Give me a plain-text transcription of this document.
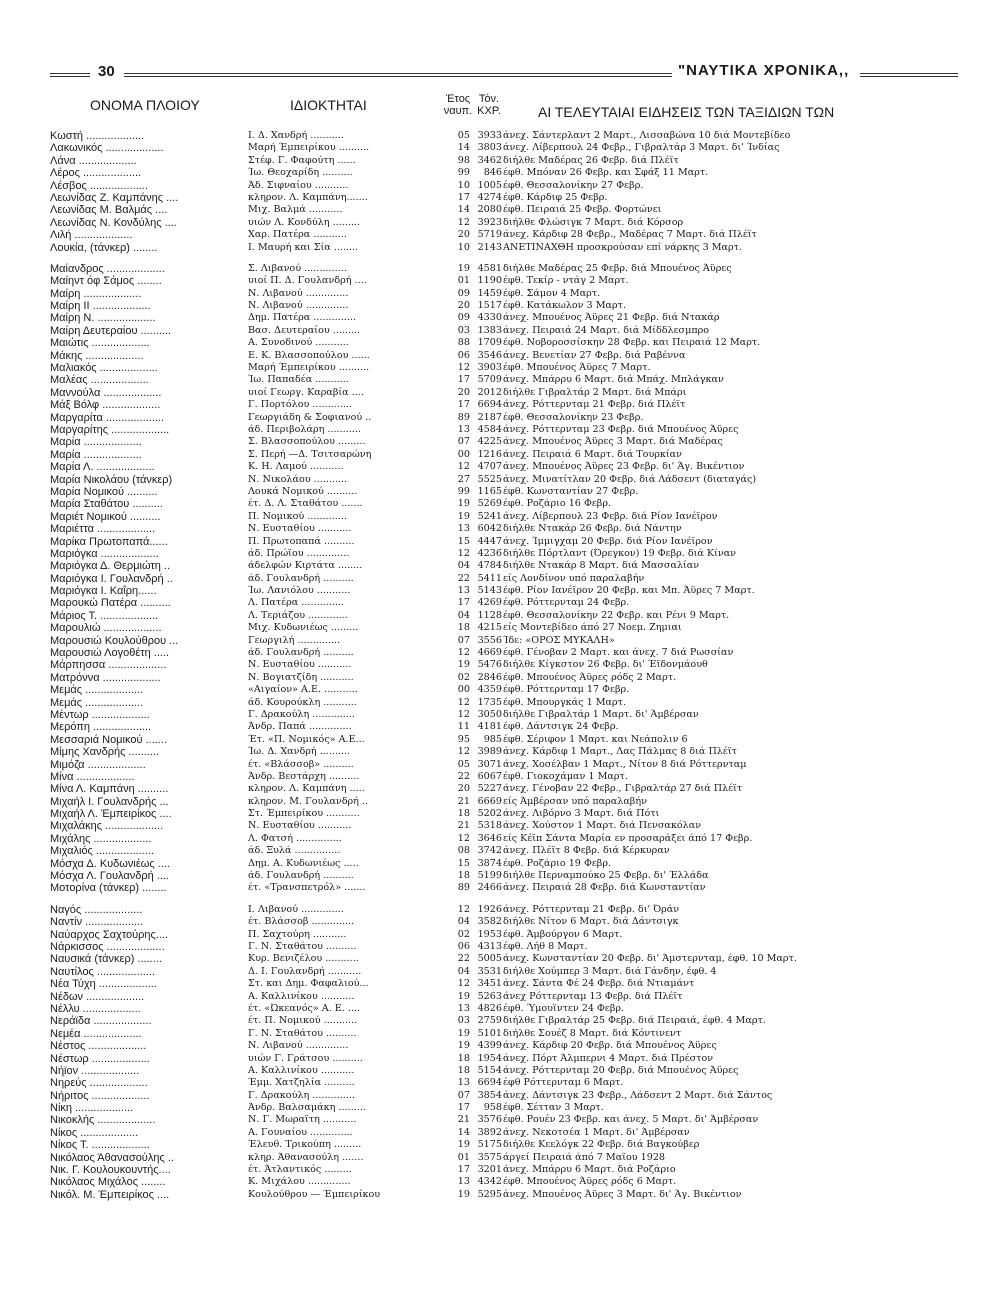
30	"ΝΑΥΤΙΚΑ ΧΡΟΝΙΚΑ,,
ΟΝΟΜΑ ΠΛΟΙΟΥ	ΙΔΙΟΚΤΗΤΑΙ	Έτος
ναυπ.
Τόν.
ΚΧΡ.	ΑΙ ΤΕΛΕΥΤΑΙΑΙ ΕΙΔΗΣΕΙΣ ΤΩΝ ΤΑΞΙΔΙΩΝ ΤΩΝ
Κωστή ...................	Ι. Δ. Χανδρή ...........	05 3933 άνεχ. Σάντερλαντ 2 Μαρτ., Λισσαβώνα 10 διά Μοντεβίδεο
Λακωνικός ...................	Μαρή Έμπειρίκου ..........	14 3803 άνεχ. Λίβερπουλ 24 Φεβρ., Γιβραλτάρ 3 Μαρτ. δι' Ίνδίας
Λάνα ...................	Στέφ. Γ. Φαφούτη ......	98 3462 διήλθε Μαδέρας 26 Φεβρ. διά Πλέϊτ
Λέρος ...................	Ίω. Θεοχαρίδη ..........	99	846 έφθ. Μπόναν 26 Φεβρ. και Σφάξ 11 Μαρτ.
Λέσβος ...................	Άδ. Σιφναίου ...........	10 1005 έφθ. Θεσσαλονίκην 27 Φεβρ.
Λεωνίδας Ζ. Καμπάνης ....	κληρον. Λ. Καμπάνη.......	17 4274 έφθ. Κάρδιφ 25 Φεβρ.
Λεωνίδας Μ. Βαλμάς ....	Μιχ. Βαλμά ...........	14 2080 έφθ. Πειραιά 25 Φεβρ. Φορτώνει
Λεωνίδας Ν. Κονδύλης ....	υιών Λ. Κονδύλη .........	12 3923 διήλθε Φλώσιγκ 7 Μαρτ. διά Κόρσορ
Λιλή ...................	Χαρ. Πατέρα ...........	20 5719 άνεχ. Κάρδιφ 28 Φεβρ., Μαδέρας 7 Μαρτ. διά Πλέϊτ
Λουκία, (τάνκερ) ........	Ι. Μαυρή και Σία ........	10 2143 ΑΝΕΤΙΝΑΧΘΗ προσκρούσαν επί νάρκης 3 Μαρτ.
Μαίανδρος ...................	Σ. Λιβανού ..............	19 4581 διήλθε Μαδέρας 25 Φεβρ. διά Μπουένος Άϋρες
Μαίηντ όφ Σάμος ........	υιοί Π. Δ. Γουλανδρή ....	01 1190 έφθ. Τεκίρ - ντάγ 2 Μαρτ.
Μαίρη ...................	Ν. Λιβανού ..............	09 1459 έφθ. Σάμον 4 Μαρτ.
Μαίρη ΙΙ ...................	Ν. Λιβανού ..............	20 1517 έφθ. Κατάκωλον 3 Μαρτ.
Μαίρη Ν. ...................	Δημ. Πατέρα ..............	09 4330 άνεχ. Μπουένος Άϋρες 21 Φεβρ. διά Ντακάρ
Μαίρη Δευτεραίου ..........	Βασ. Δευτεραίου .........	03 1383 άνεχ. Πειραιά 24 Μαρτ. διά Μίδδλεσμπρο
Μαιώτις ...................	Α. Συνοδινού ...........	88 1709 έφθ. Νοβοροσσίσκην 28 Φεβρ. και Πειραιά 12 Μαρτ.
Μάκης ...................	Ε. Κ. Βλασσοπούλου ......	06 3546 άνεχ. Βενετίαν 27 Φεβρ. διά Ραβέννα
Μαλιακός ...................	Μαρή Έμπειρίκου ..........	12 3903 έφθ. Μπουένος Άϋρες 7 Μαρτ.
Μαλέας ...................	Ίω. Παπαδέα ...........	17 5709 άνεχ. Μπάρρυ 6 Μαρτ. διά Μπάχ. Μπλάγκαν
Μαννούλα ...................	υιοί Γεωργ. Καραβία ....	20 2012 διήλθε Γιβραλτάρ 2 Μαρτ. διά Μπάρι
Μάξ Βόλφ ...................	Γ. Πορτόλου .............	17 6694 άνεχ. Ρόττερνταμ 21 Φεβρ. διά Πλέϊτ
Μαργαρίτα ...................	Γεωργιάδη & Σοφιανού ..	89 2187 έφθ. Θεσσαλονίκην 23 Φεβρ.
Μαργαρίτης ...................	άδ. Περιβολάρη ...........	13 4584 άνεχ. Ρόττερνταμ 23 Φεβρ. διά Μπουένος Άϋρες
Μαρία ...................	Σ. Βλασσοπούλου .........	07 4225 άνεχ. Μπουένος Άϋρες 3 Μαρτ. διά Μαδέρας
Μαρία ...................	Σ. Περή —Δ. Τσιτσαρώνη	00 1216 άνεχ. Πειραιά 6 Μαρτ. διά Τουρκίαν
Μαρία Λ. ...................	Κ. Η. Λαμού ...........	12 4707 άνεχ. Μπουένος Άϋρες 23 Φεβρ. δι' Άγ. Βικέντιον
Μαρία Νικολάου (τάνκερ)	Ν. Νικολάου ...........	27 5525 άνεχ. Μινατίτλαν 20 Φεβρ. διά Λάδσεντ (διαταγάς)
Μαρία Νομικού ..........	Λουκά Νομικού ..........	99 1165 έφθ. Κωνσταντίαν 27 Φεβρ.
Μαρία Σταθάτου ..........	έτ. Δ. Λ. Σταθάτου .......	19 5269 έφθ. Ροζάριο 16 Φεβρ.
Μαριέτ Νομικού ..........	Π. Νομικού .............	19 5241 άνεχ. Λίβερπουλ 23 Φεβρ. διά Ρίον Ιανέϊρον
Μαριέττα ...................	Ν. Ευσταθίου ...........	13 6042 διήλθε Ντακάρ 26 Φεβρ. διά Νάντην
Μαρίκα Πρωτοπαπά......	Π. Πρωτοπαπά ..........	15 4447 άνεχ. Ίμμιγχαμ 20 Φεβρ. διά Ρίον Ιανέϊρον
Μαριόγκα ...................	άδ. Πρώϊου ..............	12 4236 διήλθε Πόρτλαντ (Όρεγκον) 19 Φεβρ. διά Κίναν
Μαριόγκα Δ. Θερμιώτη ..	άδελφών Κιρτάτα ........	04 4784 διήλθε Ντακάρ 8 Μαρτ. διά Μασσαλίαν
Μαριόγκα Ι. Γουλανδρή ..	άδ. Γουλανδρή ..........	22 5411 είς Λονδίνον υπό παραλαβήν
Μαριόγκα Ι. Καΐρη......	Ίω. Λανιόλου ...........	13 5143 έφθ. Ρίον Ιανέϊρον 20 Φεβρ. και Μπ. Άϋρες 7 Μαρτ.
Μαρουκώ Πατέρα ..........	Λ. Πατέρα ..............	17 4269 έφθ. Ρόττερνταμ 24 Φεβρ.
Μάριος Τ. ...................	Λ. Τεριάζου .............	04 1128 έφθ. Θεσσαλονίκην 22 Φεβρ. και Ρένι 9 Μαρτ.
Μαρουλιώ ...................	Μιχ. Κυδωνιέως .........	18 4215 είς Μοντεβίδεο άπό 27 Νοεμ. Ζημιαι
Μαρουσιώ Κουλούθρου ...	Γεωργιλή ..............	07 3556 Ίδε: «ΟΡΟΣ ΜΥΚΑΛΗ»
Μαρουσιώ Λογοθέτη .....	άδ. Γουλανδρή ..........	12 4669 έφθ. Γένοβαν 2 Μαρτ. και άνεχ. 7 διά Ρωσσίαν
Μάρπησσα ...................	Ν. Ευσταθίου ...........	19 5476 διήλθε Κίγκστον 26 Φεβρ. δι' Έϊδονμάουθ
Ματρόννα ...................	Ν. Βογιατζίδη ...........	02 2846 έφθ. Μπουένος Άϋρες ρόδς 2 Μαρτ.
Μεμάς ...................	«Αιγαίον» Α.Ε. ...........	00 4359 έφθ. Ρόττερνταμ 17 Φεβρ.
Μεμάς ...................	άδ. Κουρούκλη ...........	12 1735 έφθ. Μπουργκάς 1 Μαρτ.
Μέντωρ ...................	Γ. Δρακούλη ..............	12 3050 διήλθε Γιβραλτάρ 1 Μαρτ. δι' Άμβέρσαν
Μερόπη ...................	Άνδρ. Παπά ..............	11 4181 έφθ. Δάντσιγκ 24 Φεβρ.
Μεσσαριά Νομικού .......	Έτ. «Π. Νομικός» Α.Ε...	95	985 έφθ. Σέριφον 1 Μαρτ. και Νεάπολιν 6
Μίμης Χανδρής ..........	Ίω. Δ. Χανδρή ..........	12 3989 άνεχ. Κάρδιφ 1 Μαρτ., Λας Πάλμας 8 διά Πλέϊτ
Μιμόζα ...................	έτ. «Βλάσσοβ» ..........	05 3071 άνεχ. Χοσέλβαν 1 Μαρτ., Νίτον 8 διά Ρόττερνταμ
Μίνα ...................	Άνδρ. Βεστάρχη ..........	22 6067 έφθ. Γιοκοχάμαν 1 Μαρτ.
Μίνα Λ. Καμπάνη ..........	κληρον. Λ. Καμπάνη .....	20 5227 άνεχ. Γένοβαν 22 Φεβρ., Γιβραλτάρ 27 διά Πλέϊτ
Μιχαήλ Ι. Γουλανδρής ...	κληρον. Μ. Γουλανδρή ..	21 6669 είς Άμβέρσαν υπό παραλαβήν
Μιχαήλ Λ. Έμπειρίκος ....	Στ. Έμπειρίκου ...........	18 5202 άνεχ. Λιβόρνο 3 Μαρτ. διά Πότι
Μιχαλάκης ...................	Ν. Ευσταθίου ...........	21 5318 άνεχ. Χούστον 1 Μαρτ. διά Πενσακόλαν
Μιχάλης ...................	Λ. Φατσή ...............	12 3646 είς Κέϊπ Σάντα Μαρία εν προσαράξει άπό 17 Φεβρ.
Μιχαλιός ...................	άδ. Ξυλά ...............	08 3742 άνεχ. Πλέϊτ 8 Φεβρ. διά Κέρκυραν
Μόσχα Δ. Κυδωνιέως ....	Δημ. Α. Κυδωνιέως .....	15 3874 έφθ. Ροζάριο 19 Φεβρ.
Μόσχα Λ. Γουλανδρή ....	άδ. Γουλανδρή ..........	18 5199 διήλθε Περναμπούκο 25 Φεβρ. δι' Έλλάδα
Μοτορίνα (τάνκερ) ........	έτ. «Τρανσπετρόλ» .......	89 2466 άνεχ. Πειραιά 28 Φεβρ. διά Κωνσταντίαν
Ναγός ...................	Ι. Λιβανού ..............	12 1926 άνεχ. Ρόττερνταμ 21 Φεβρ. δι' Όράν
Ναντίν ...................	έτ. Βλάσσοβ ..............	04 3582 διήλθε Νίτον 6 Μαρτ. διά Δάντσιγκ
Ναύαρχος Σαχτούρης....	Π. Σαχτούρη ...........	02 1953 έφθ. Άμβούργον 6 Μαρτ.
Νάρκισσος ...................	Γ. Ν. Σταθάτου ..........	06 4313 έφθ. Λήθ 8 Μαρτ.
Ναυσικά (τάνκερ) ........	Κυρ. Βενιζέλου ...........	22 5005 άνεχ. Κωνσταντίαν 20 Φεβρ. δι' Άμστερνταμ, έφθ. 10 Μαρτ.
Ναυτίλος ...................	Δ. Ι. Γουλανδρή ...........	04 3531 διήλθε Χούμπερ 3 Μαρτ. διά Γάνδην, έφθ. 4
Νέα Τύχη ...................	Στ. και Δημ. Φαφαλιού...	12 3451 άνεχ. Σάντα Φέ 24 Φεβρ. διά Ντιαμάντ
Νέδων ...................	Α. Καλλινίκου ...........	19 5263 άνεχ Ρόττερνταμ 13 Φεβρ. διά Πλέϊτ
Νέλλυ ...................	έτ. «Ώκεανός» Α. Ε. ....	13 4826 έφθ. Ύμουϊντεν 24 Φεβρ.
Νεράϊδα ...................	έτ. Π. Νομικού ...........	03 2759 διήλθε Γιβραλτάρ 25 Φεβρ. διά Πειραιά, έφθ. 4 Μαρτ.
Νεμέα ...................	Γ. Ν. Σταθάτου ..........	19 5101 διήλθε Σουέζ 8 Μαρτ. διά Κόντινεντ
Νέστος ...................	Ν. Λιβανού ..............	19 4399 άνεχ. Κάρδιφ 20 Φεβρ. διά Μπουένος Άϋρες
Νέστωρ ...................	υιών Γ. Γράτσου ..........	18 1954 άνεχ. Πόρτ Άλμπερνι 4 Μαρτ. διά Πρέστον
Νήϊον ...................	Α. Καλλινίκου ...........	18 5154 άνεχ. Ρόττερνταμ 20 Φεβρ. διά Μπουένος Άϋρες
Νηρεύς ...................	Έμμ. Χατζηλία ..........	13 6694 έφθ Ρόττερνταμ 6 Μαρτ.
Νήριτος ...................	Γ. Δρακούλη ..............	07 3854 άνεχ. Δάντσιγκ 23 Φεβρ., Λάδσεντ 2 Μαρτ. διά Σάντος
Νίκη ...................	Άνδρ. Βαλσαμάκη .........	17	958 έφθ. Σέτταν 3 Μαρτ.
Νικοκλής ...................	Ν. Γ. Μωραΐτη ...........	21 3576 έφθ. Ρουέν 23 Φεβρ. και άνεχ. 5 Μαρτ. δι' Άμβέρσαν
Νίκος ...................	Α. Γουναίου ..............	14 3892 άνεχ. Νεκοτσέα 1 Μαρτ. δι' Άμβέρσαν
Νίκος Τ. ...................	Έλευθ. Τρικούπη .........	19 5175 διήλθε Κεελόγκ 22 Φεβρ. διά Βαγκούβερ
Νικόλαος Άθανασούλης ..	κληρ. Άθανασούλη .......	01 3575 άργεί Πειραιά άπό 7 Μαΐου 1928
Νικ. Γ. Κουλουκουντής....	έτ. Άτλαντικός .........	17 3201 άνεχ. Μπάρρυ 6 Μαρτ. διά Ροζάριο
Νικόλαος Μιχάλος ........	Κ. Μιχάλου ..............	13 4342 έφθ. Μπουένος Άϋρες ρόδς 6 Μαρτ.
Νικόλ. Μ. Έμπειρίκος ....	Κουλούθρου — Έμπειρίκου	19 5295 άνεχ. Μπουένος Άϋρες 3 Μαρτ. δι' Άγ. Βικέντιον
